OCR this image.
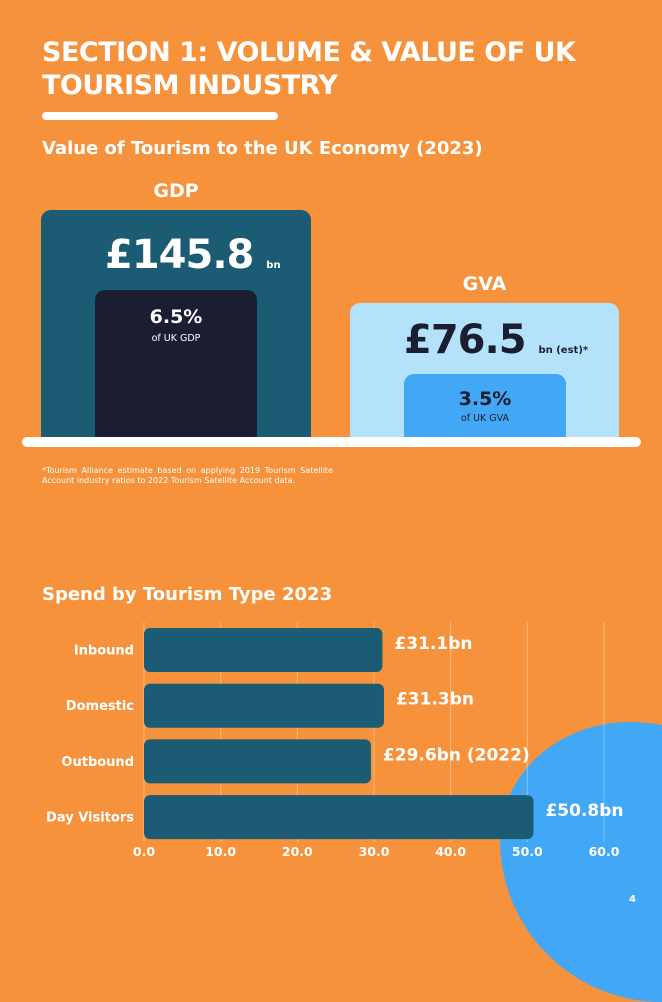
SECTION 1: VOLUME & VALUE OF UK TOURISM INDUSTRY
Value of Tourism to the UK Economy (2023)
GDP
£145.8 bn
6.5%
of UK GDP
GVA
£76.5 bn (est)*
3.5%
of UK GVA

*Tourism Alliance estimate based on applying 2019 Tourism Satellite Account industry ratios to 2022 Tourism Satellite Account data.

Spend by Tourism Type 2023
Inbound	£31.1bn
Domestic	£31.3bn
Outbound	£29.6bn (2022)
Day Visitors	£50.8bn
0.0	10.0	20.0	30.0	40.0	50.0	60.0
4
